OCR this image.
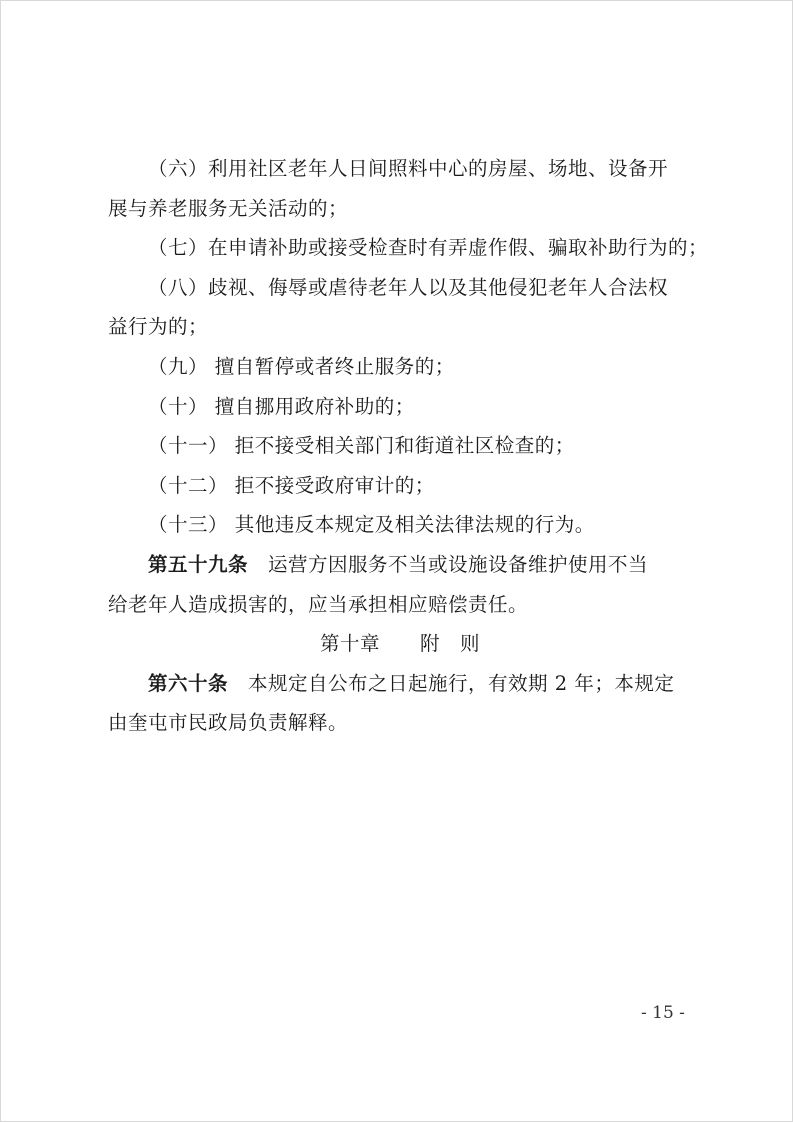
（六）利用社区老年人日间照料中心的房屋、场地、设备开
展与养老服务无关活动的；
（七）在申请补助或接受检查时有弄虚作假、骗取补助行为的；
（八）歧视、侮辱或虐待老年人以及其他侵犯老年人合法权
益行为的；
（九） 擅自暂停或者终止服务的；
（十） 擅自挪用政府补助的；
（十一） 拒不接受相关部门和街道社区检查的；
（十二） 拒不接受政府审计的；
（十三） 其他违反本规定及相关法律法规的行为。
第五十九条 运营方因服务不当或设施设备维护使用不当
给老年人造成损害的，应当承担相应赔偿责任。
第十章 附　则
第六十条 本规定自公布之日起施行，有效期 2 年；本规定
由奎屯市民政局负责解释。
- 15 -
